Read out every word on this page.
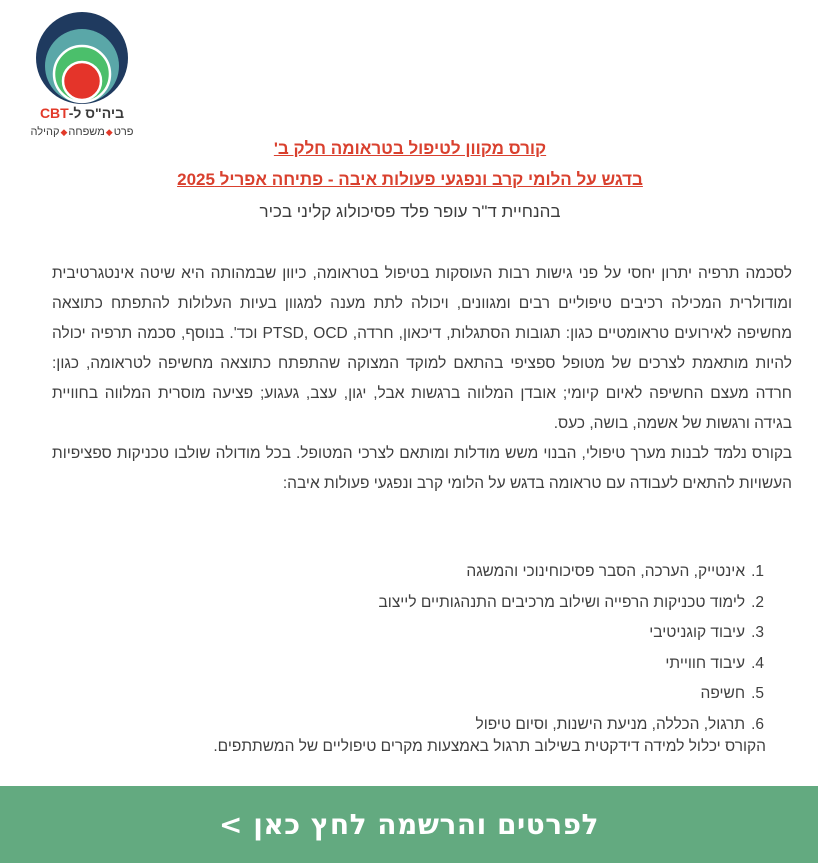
ביה"ס ל-CBT
פרט◆משפחה◆קהילה
קורס מקוון לטיפול בטראומה חלק ב'
בדגש על הלומי קרב ונפגעי פעולות איבה - פתיחה אפריל 2025
בהנחיית ד"ר עופר פלד פסיכולוג קליני בכיר

לסכמה תרפיה יתרון יחסי על פני גישות רבות העוסקות בטיפול בטראומה, כיוון שבמהותה היא שיטה אינטגרטיבית ומודולרית המכילה רכיבים טיפוליים רבים ומגוונים, ויכולה לתת מענה למגוון בעיות העלולות להתפתח כתוצאה מחשיפה לאירועים טראומטיים כגון: תגובות הסתגלות, דיכאון, חרדה, PTSD, OCD וכד'. בנוסף, סכמה תרפיה יכולה להיות מותאמת לצרכים של מטופל ספציפי בהתאם למוקד המצוקה שהתפתח כתוצאה מחשיפה לטראומה, כגון: חרדה מעצם החשיפה לאיום קיומי; אובדן המלווה ברגשות אבל, יגון, עצב, געגוע; פציעה מוסרית המלווה בחוויית בגידה ורגשות של אשמה, בושה, כעס.

בקורס נלמד לבנות מערך טיפולי, הבנוי משש מודלות ומותאם לצרכי המטופל. בכל מודולה שולבו טכניקות ספציפיות העשויות להתאים לעבודה עם טראומה בדגש על הלומי קרב ונפגעי פעולות איבה:

1.אינטייק, הערכה, הסבר פסיכוחינוכי והמשגה
2.לימוד טכניקות הרפייה ושילוב מרכיבים התנהגותיים לייצוב
3.עיבוד קוגניטיבי
4.עיבוד חווייתי
5.חשיפה
6.תרגול, הכללה, מניעת הישנות, וסיום טיפול
הקורס יכלול למידה דידקטית בשילוב תרגול באמצעות מקרים טיפוליים של המשתתפים.
לפרטים והרשמה לחץ כאן >
